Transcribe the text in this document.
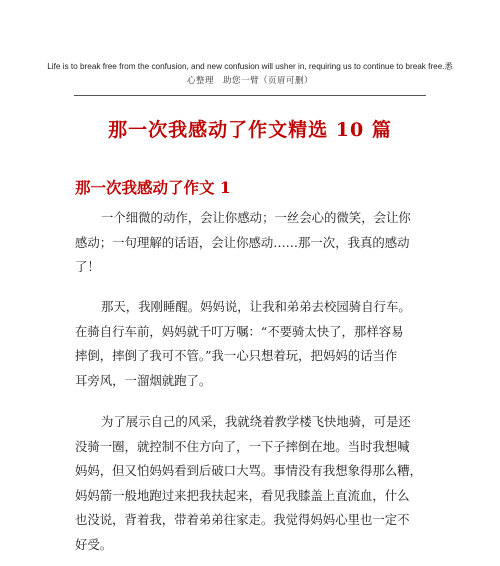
Life is to break free from the confusion, and new confusion will usher in, requiring us to continue to break free.悉
心整理　助您一臂（页眉可删）
那一次我感动了作文精选 10 篇
那一次我感动了作文 1
一个细微的动作，会让你感动；一丝会心的微笑，会让你
感动；一句理解的话语，会让你感动……那一次，我真的感动
了！
那天，我刚睡醒。妈妈说，让我和弟弟去校园骑自行车。
在骑自行车前，妈妈就千叮万嘱：“不要骑太快了，那样容易
摔倒，摔倒了我可不管。”我一心只想着玩，把妈妈的话当作
耳旁风，一溜烟就跑了。
为了展示自己的风采，我就绕着教学楼飞快地骑，可是还
没骑一圈，就控制不住方向了，一下子摔倒在地。当时我想喊
妈妈，但又怕妈妈看到后破口大骂。事情没有我想象得那么糟，
妈妈箭一般地跑过来把我扶起来，看见我膝盖上直流血，什么
也没说，背着我，带着弟弟往家走。我觉得妈妈心里也一定不
好受。
